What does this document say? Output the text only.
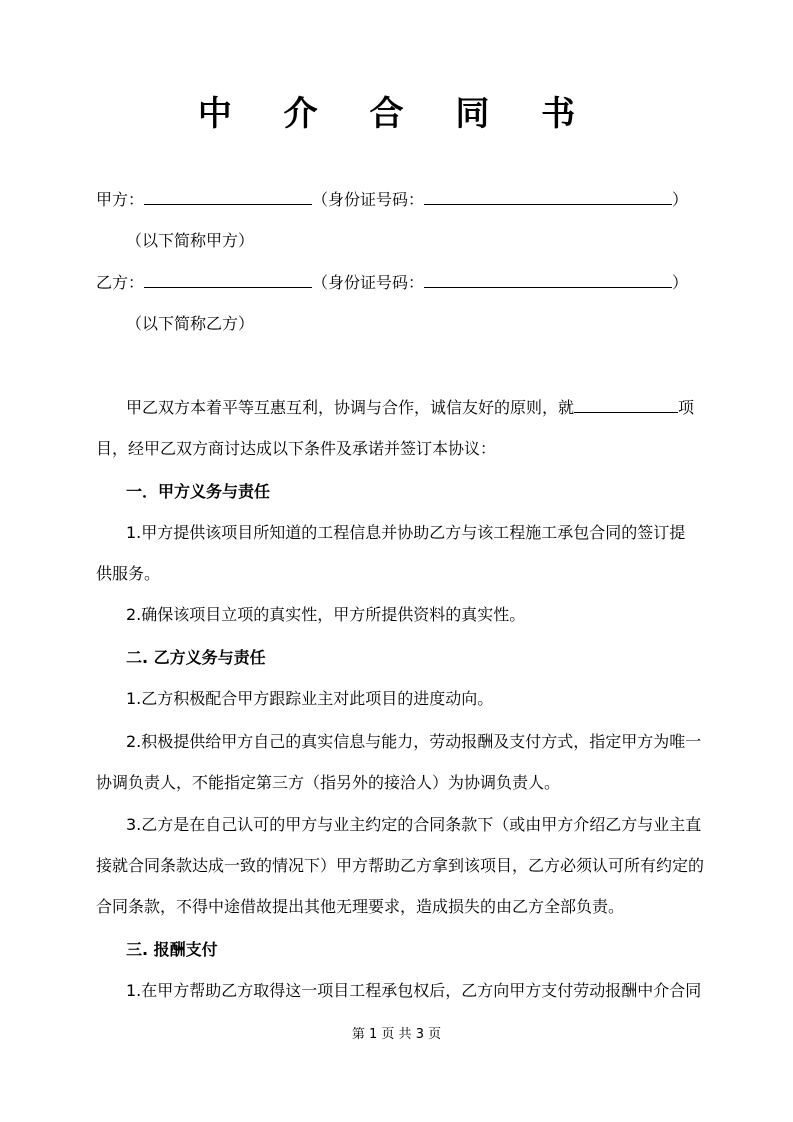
中 介 合 同 书
甲方：	（身份证号码：	）
（以下简称甲方）
乙方：	（身份证号码：	）
（以下简称乙方）
甲乙双方本着平等互惠互利，协调与合作，诚信友好的原则，就	项
目，经甲乙双方商讨达成以下条件及承诺并签订本协议：
一．甲方义务与责任
1.甲方提供该项目所知道的工程信息并协助乙方与该工程施工承包合同的签订提
供服务。
2.确保该项目立项的真实性，甲方所提供资料的真实性。
二. 乙方义务与责任
1.乙方积极配合甲方跟踪业主对此项目的进度动向。
2.积极提供给甲方自己的真实信息与能力，劳动报酬及支付方式，指定甲方为唯一
协调负责人，不能指定第三方（指另外的接洽人）为协调负责人。
3.乙方是在自己认可的甲方与业主约定的合同条款下（或由甲方介绍乙方与业主直
接就合同条款达成一致的情况下）甲方帮助乙方拿到该项目，乙方必须认可所有约定的
合同条款，不得中途借故提出其他无理要求，造成损失的由乙方全部负责。
三. 报酬支付
1.在甲方帮助乙方取得这一项目工程承包权后，乙方向甲方支付劳动报酬中介合同
第 1 页 共 3 页
